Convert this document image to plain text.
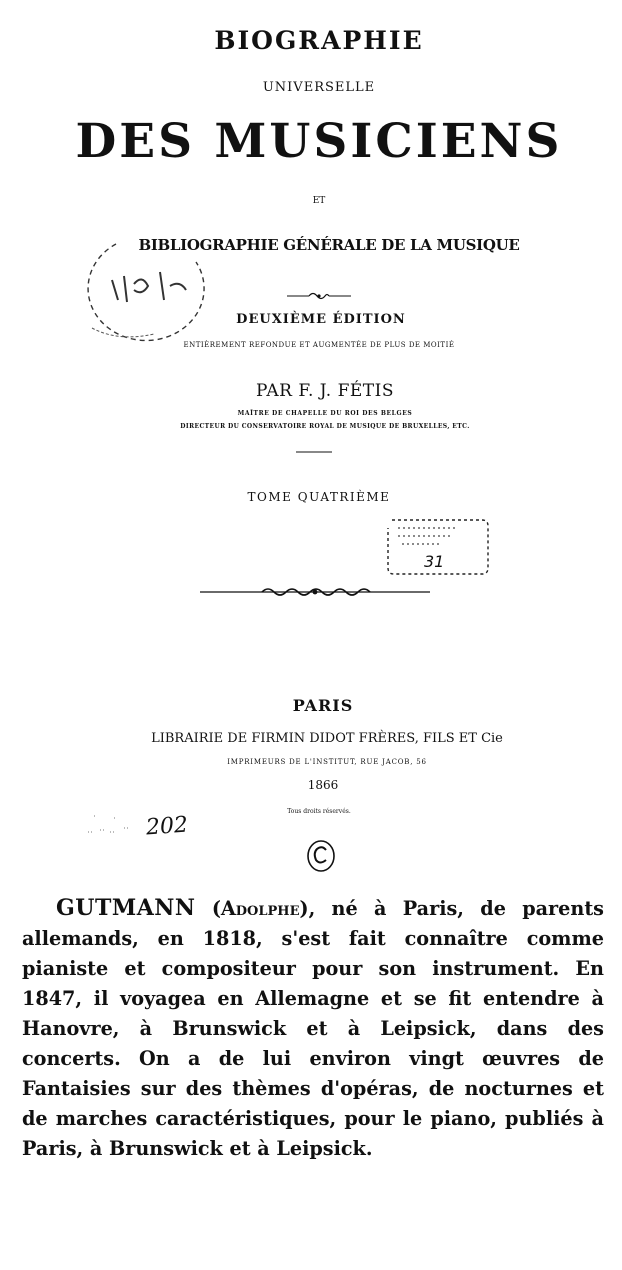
BIOGRAPHIE
UNIVERSELLE
DES MUSICIENS
ET
BIBLIOGRAPHIE GÉNÉRALE DE LA MUSIQUE
DEUXIÈME ÉDITION
ENTIÈREMENT REFONDUE ET AUGMENTÉE DE PLUS DE MOITIÉ
PAR F. J. FÉTIS
MAÎTRE DE CHAPELLE DU ROI DES BELGES
DIRECTEUR DU CONSERVATOIRE ROYAL DE MUSIQUE DE BRUXELLES, ETC.
TOME QUATRIÈME
31
PARIS
LIBRAIRIE DE FIRMIN DIDOT FRÈRES, FILS ET Cie
IMPRIMEURS DE L'INSTITUT, RUE JACOB, 56
1866
Tous droits réservés.
202

GUTMANN (Adolphe), né à Paris, de parents allemands, en 1818, s'est fait connaître comme pianiste et compositeur pour son instrument. En 1847, il voyagea en Allemagne et se fit entendre à Hanovre, à Brunswick et à Leipsick, dans des concerts. On a de lui environ vingt œuvres de Fantaisies sur des thèmes d'opéras, de nocturnes et de marches caractéristiques, pour le piano, publiés à Paris, à Brunswick et à Leipsick.
